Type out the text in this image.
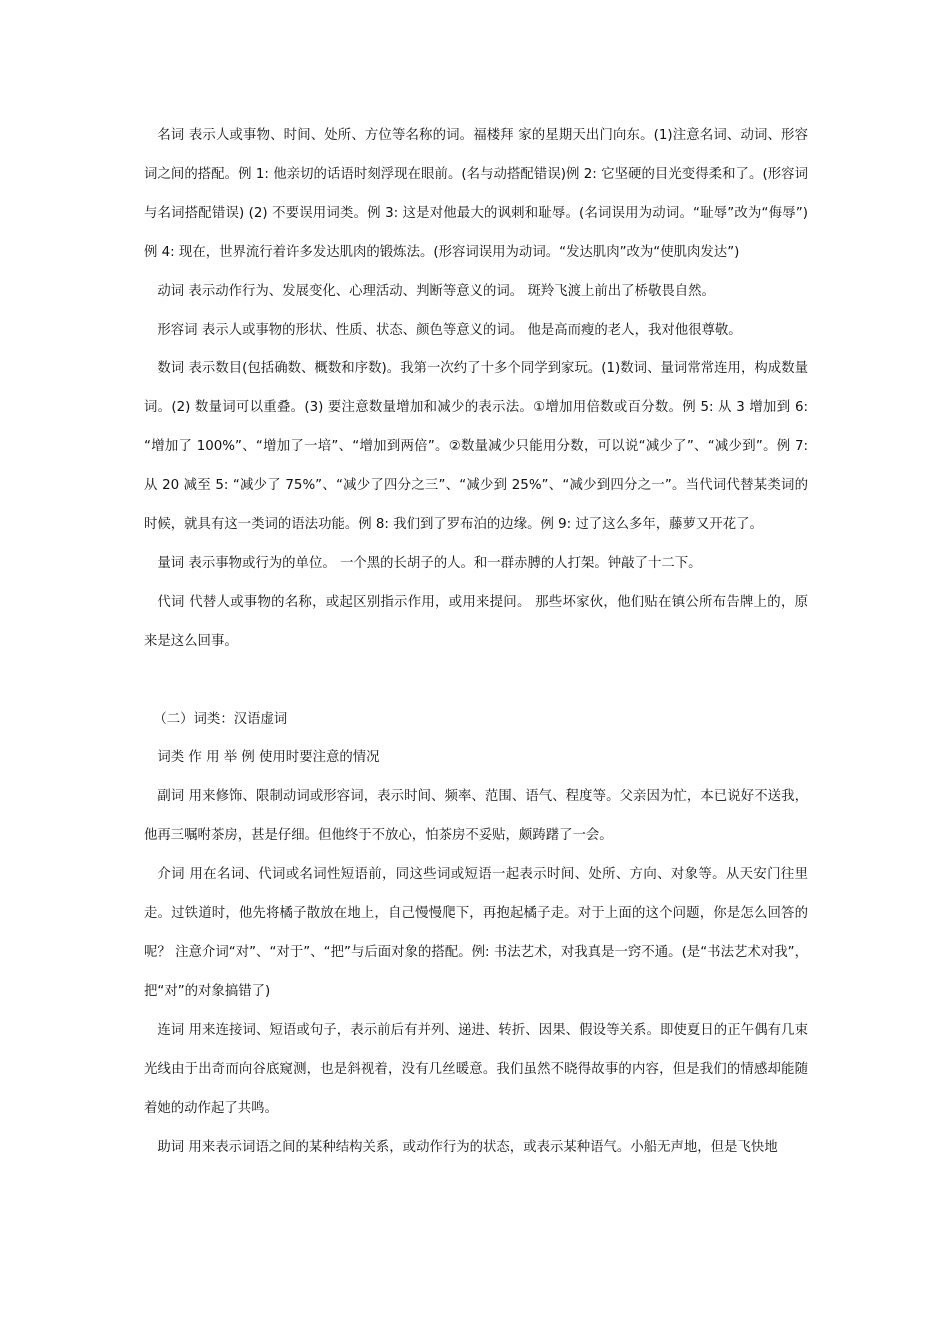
名词 表示人或事物、时间、处所、方位等名称的词。福楼拜 家的星期天出门向东。(1)注意名词、动词、形容词之间的搭配。例 1: 他亲切的话语时刻浮现在眼前。(名与动搭配错误)例 2: 它坚硬的目光变得柔和了。(形容词与名词搭配错误) (2) 不要误用词类。例 3: 这是对他最大的讽刺和耻辱。(名词误用为动词。“耻辱”改为“侮辱”)例 4: 现在，世界流行着许多发达肌肉的锻炼法。(形容词误用为动词。“发达肌肉”改为“使肌肉发达”)

动词 表示动作行为、发展变化、心理活动、判断等意义的词。 斑羚飞渡上前出了桥敬畏自然。

形容词 表示人或事物的形状、性质、状态、颜色等意义的词。 他是高而瘦的老人，我对他很尊敬。

数词 表示数目(包括确数、概数和序数)。我第一次约了十多个同学到家玩。(1)数词、量词常常连用，构成数量词。(2) 数量词可以重叠。(3) 要注意数量增加和减少的表示法。①增加用倍数或百分数。例 5: 从 3 增加到 6: “增加了 100%”、“增加了一培”、“增加到两倍”。②数量减少只能用分数，可以说“减少了”、“减少到”。例 7: 从 20 减至 5: “减少了 75%”、“减少了四分之三”、“减少到 25%”、“减少到四分之一”。当代词代替某类词的时候，就具有这一类词的语法功能。例 8: 我们到了罗布泊的边缘。例 9: 过了这么多年，藤萝又开花了。

量词 表示事物或行为的单位。 一个黑的长胡子的人。和一群赤膊的人打架。钟敲了十二下。

代词 代替人或事物的名称，或起区别指示作用，或用来提问。 那些坏家伙，他们贴在镇公所布告牌上的，原来是这么回事。

（二）词类：汉语虚词

词类 作 用 举 例 使用时要注意的情况

副词 用来修饰、限制动词或形容词，表示时间、频率、范围、语气、程度等。父亲因为忙，本已说好不送我，他再三嘱咐茶房，甚是仔细。但他终于不放心，怕茶房不妥贴，颇踌躇了一会。

介词 用在名词、代词或名词性短语前，同这些词或短语一起表示时间、处所、方向、对象等。从天安门往里走。过铁道时，他先将橘子散放在地上，自己慢慢爬下，再抱起橘子走。对于上面的这个问题，你是怎么回答的呢？ 注意介词“对”、“对于”、“把”与后面对象的搭配。例: 书法艺术，对我真是一窍不通。(是“书法艺术对我”，把“对”的对象搞错了)

连词 用来连接词、短语或句子，表示前后有并列、递进、转折、因果、假设等关系。即使夏日的正午偶有几束光线由于出奇而向谷底窥测，也是斜视着，没有几丝暖意。我们虽然不晓得故事的内容，但是我们的情感却能随着她的动作起了共鸣。

助词 用来表示词语之间的某种结构关系，或动作行为的状态，或表示某种语气。小船无声地，但是飞快地
